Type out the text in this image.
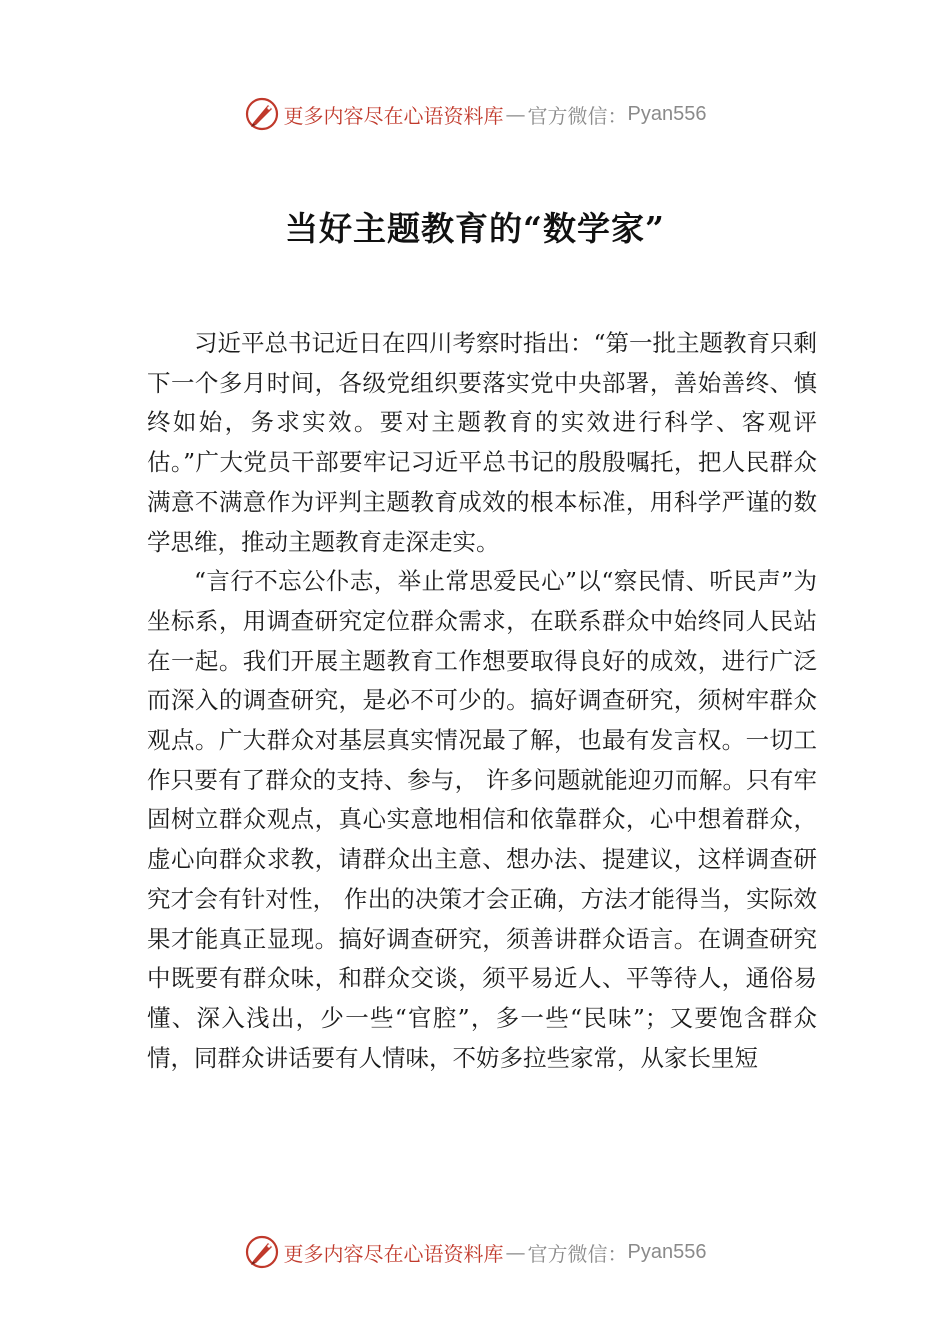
更多内容尽在心语资料库 — 官方微信： Pyan556
当好主题教育的“数学家”

习近平总书记近日在四川考察时指出：“第一批主题教育只剩下一个多月时间，各级党组织要落实党中央部署，善始善终、慎终如始，务求实效。要对主题教育的实效进行科学、客观评估。”广大党员干部要牢记习近平总书记的殷殷嘱托，把人民群众满意不满意作为评判主题教育成效的根本标准，用科学严谨的数学思维，推动主题教育走深走实。

“言行不忘公仆志，举止常思爱民心”以“察民情、听民声”为坐标系，用调查研究定位群众需求，在联系群众中始终同人民站在一起。我们开展主题教育工作想要取得良好的成效，进行广泛而深入的调查研究，是必不可少的。搞好调查研究，须树牢群众观点。广大群众对基层真实情况最了解，也最有发言权。一切工作只要有了群众的支持、参与， 许多问题就能迎刃而解。只有牢固树立群众观点，真心实意地相信和依靠群众，心中想着群众，虚心向群众求教，请群众出主意、想办法、提建议，这样调查研究才会有针对性， 作出的决策才会正确，方法才能得当，实际效果才能真正显现。搞好调查研究，须善讲群众语言。在调查研究中既要有群众味，和群众交谈，须平易近人、平等待人，通俗易懂、深入浅出，少一些“官腔”，多一些“民味”；又要饱含群众情，同群众讲话要有人情味，不妨多拉些家常，从家长里短

更多内容尽在心语资料库 — 官方微信： Pyan556
